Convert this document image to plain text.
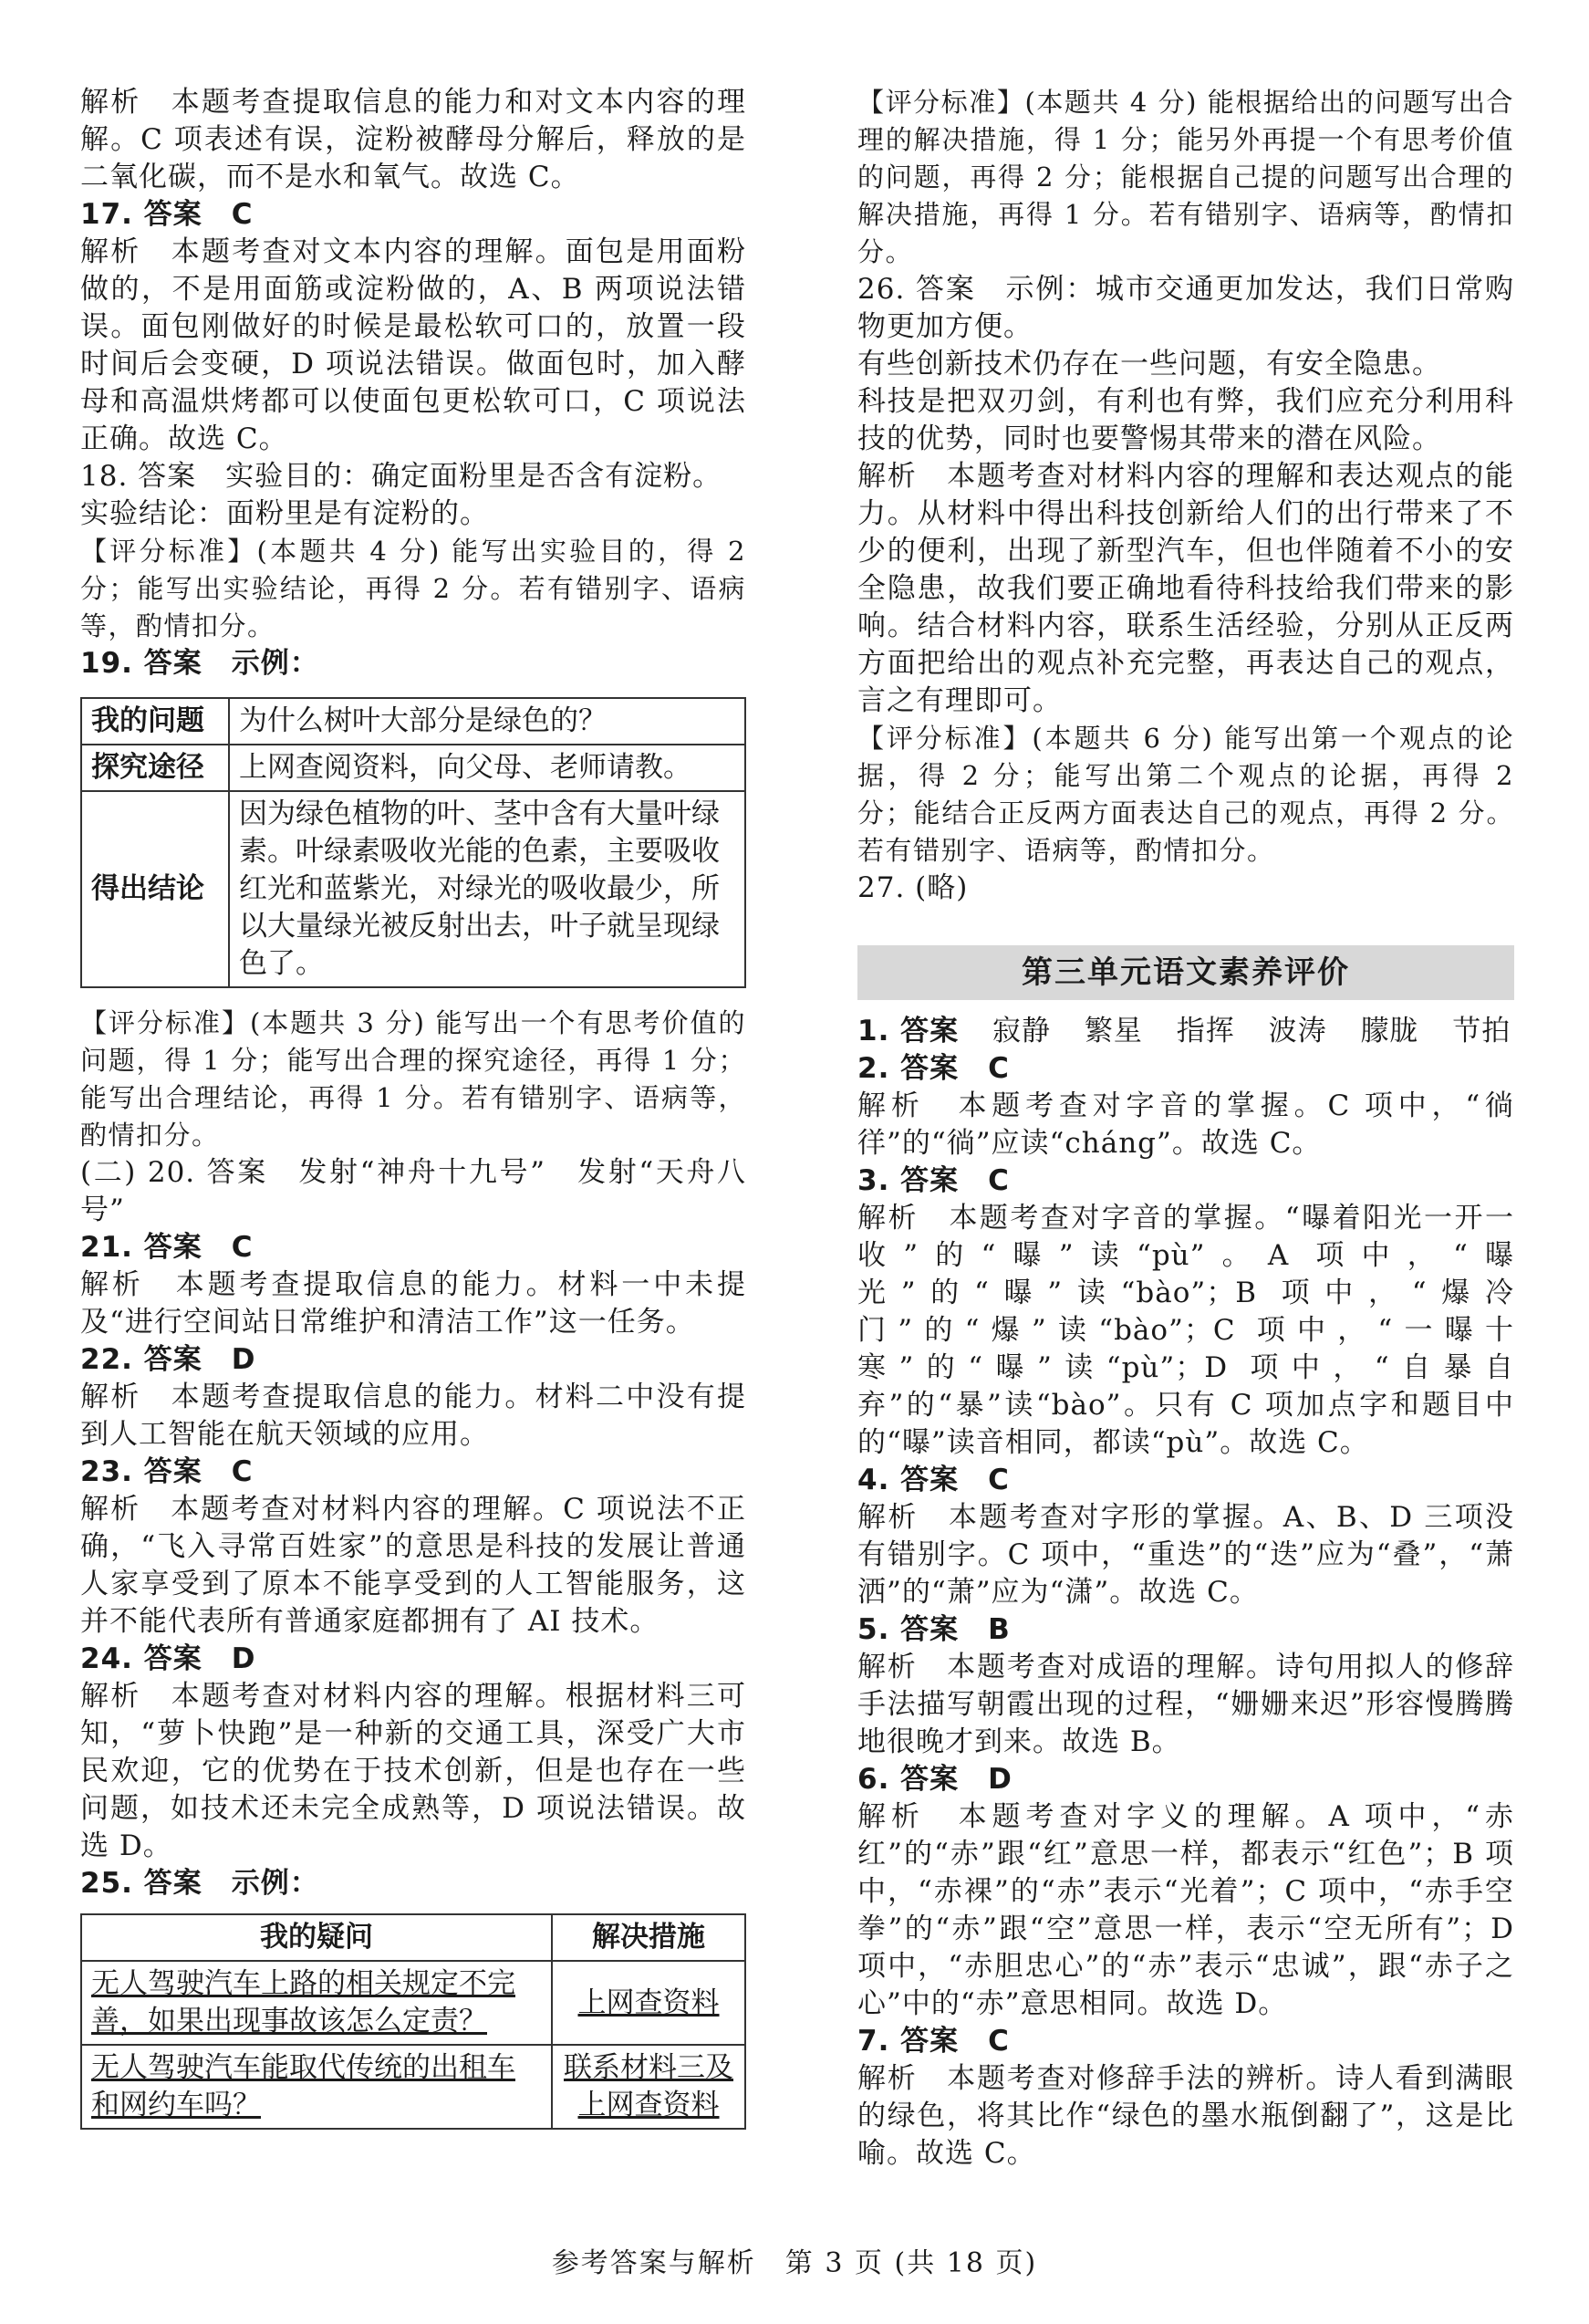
解析　本题考查提取信息的能力和对文本内容的理解。C 项表述有误，淀粉被酵母分解后，释放的是二氧化碳，而不是水和氧气。故选 C。

17. 答案　C

解析　本题考查对文本内容的理解。面包是用面粉做的，不是用面筋或淀粉做的，A、B 两项说法错误。面包刚做好的时候是最松软可口的，放置一段时间后会变硬，D 项说法错误。做面包时，加入酵母和高温烘烤都可以使面包更松软可口，C 项说法正确。故选 C。

18. 答案　实验目的：确定面粉里是否含有淀粉。

实验结论：面粉里是有淀粉的。

【评分标准】(本题共 4 分) 能写出实验目的，得 2 分；能写出实验结论，再得 2 分。若有错别字、语病等，酌情扣分。

19. 答案　示例：

我的问题	为什么树叶大部分是绿色的？
探究途径	上网查阅资料，向父母、老师请教。
得出结论	因为绿色植物的叶、茎中含有大量叶绿素。叶绿素吸收光能的色素，主要吸收红光和蓝紫光，对绿光的吸收最少，所以大量绿光被反射出去，叶子就呈现绿色了。

【评分标准】(本题共 3 分) 能写出一个有思考价值的问题，得 1 分；能写出合理的探究途径，再得 1 分；能写出合理结论，再得 1 分。若有错别字、语病等，酌情扣分。

(二) 20. 答案　发射“神舟十九号”　发射“天舟八号”

21. 答案　C

解析　本题考查提取信息的能力。材料一中未提及“进行空间站日常维护和清洁工作”这一任务。

22. 答案　D

解析　本题考查提取信息的能力。材料二中没有提到人工智能在航天领域的应用。

23. 答案　C

解析　本题考查对材料内容的理解。C 项说法不正确，“飞入寻常百姓家”的意思是科技的发展让普通人家享受到了原本不能享受到的人工智能服务，这并不能代表所有普通家庭都拥有了 AI 技术。

24. 答案　D

解析　本题考查对材料内容的理解。根据材料三可知，“萝卜快跑”是一种新的交通工具，深受广大市民欢迎，它的优势在于技术创新，但是也存在一些问题，如技术还未完全成熟等，D 项说法错误。故选 D。

25. 答案　示例：

我的疑问	解决措施
无人驾驶汽车上路的相关规定不完善，如果出现事故该怎么定责？	上网查资料
无人驾驶汽车能取代传统的出租车和网约车吗？	联系材料三及上网查资料

【评分标准】(本题共 4 分) 能根据给出的问题写出合理的解决措施，得 1 分；能另外再提一个有思考价值的问题，再得 2 分；能根据自己提的问题写出合理的解决措施，再得 1 分。若有错别字、语病等，酌情扣分。

26. 答案　示例：城市交通更加发达，我们日常购物更加方便。

有些创新技术仍存在一些问题，有安全隐患。

科技是把双刃剑，有利也有弊，我们应充分利用科技的优势，同时也要警惕其带来的潜在风险。

解析　本题考查对材料内容的理解和表达观点的能力。从材料中得出科技创新给人们的出行带来了不少的便利，出现了新型汽车，但也伴随着不小的安全隐患，故我们要正确地看待科技给我们带来的影响。结合材料内容，联系生活经验，分别从正反两方面把给出的观点补充完整，再表达自己的观点，言之有理即可。

【评分标准】(本题共 6 分) 能写出第一个观点的论据，得 2 分；能写出第二个观点的论据，再得 2 分；能结合正反两方面表达自己的观点，再得 2 分。若有错别字、语病等，酌情扣分。

27. (略)

第三单元语文素养评价

1. 答案 寂静 繁星 指挥 波涛 朦胧 节拍

2. 答案　C

解析　本题考查对字音的掌握。C 项中，“徜徉”的“徜”应读“cháng”。故选 C。

3. 答案　C

解析　本题考查对字音的掌握。“曝着阳光一开一收”的“曝”读“pù”。A 项中，“曝光”的“曝”读“bào”；B 项中，“爆冷门”的“爆”读“bào”；C 项中，“一曝十寒”的“曝”读“pù”；D 项中，“自暴自弃”的“暴”读“bào”。只有 C 项加点字和题目中的“曝”读音相同，都读“pù”。故选 C。

4. 答案　C

解析　本题考查对字形的掌握。A、B、D 三项没有错别字。C 项中，“重迭”的“迭”应为“叠”，“萧洒”的“萧”应为“潇”。故选 C。

5. 答案　B

解析　本题考查对成语的理解。诗句用拟人的修辞手法描写朝霞出现的过程，“姗姗来迟”形容慢腾腾地很晚才到来。故选 B。

6. 答案　D

解析　本题考查对字义的理解。A 项中，“赤红”的“赤”跟“红”意思一样，都表示“红色”；B 项中，“赤裸”的“赤”表示“光着”；C 项中，“赤手空拳”的“赤”跟“空”意思一样，表示“空无所有”；D 项中，“赤胆忠心”的“赤”表示“忠诚”，跟“赤子之心”中的“赤”意思相同。故选 D。

7. 答案　C

解析　本题考查对修辞手法的辨析。诗人看到满眼的绿色，将其比作“绿色的墨水瓶倒翻了”，这是比喻。故选 C。

参考答案与解析　第 3 页 (共 18 页)
